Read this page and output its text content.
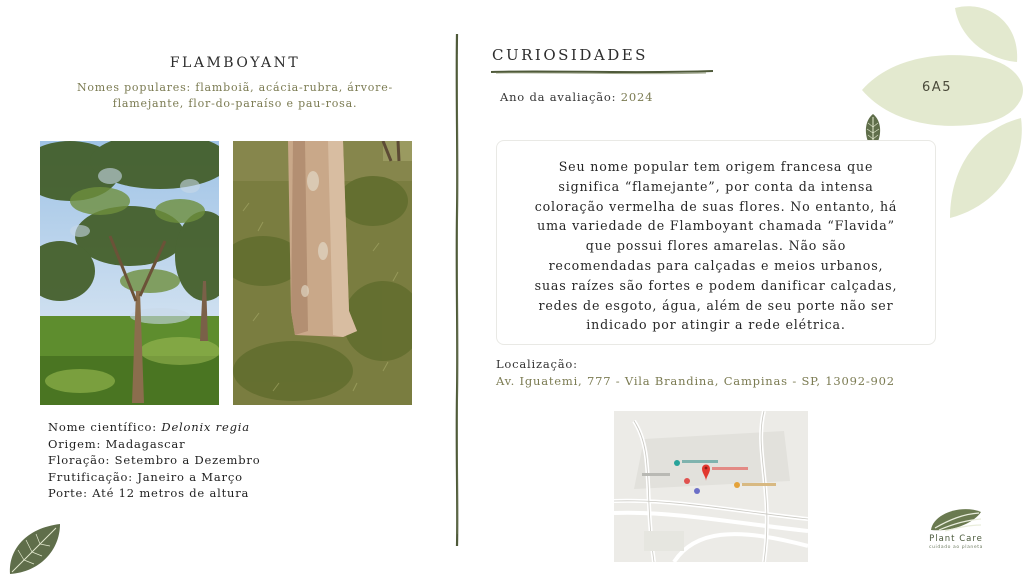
FLAMBOYANT
Nomes populares: flamboiã, acácia-rubra, árvore-
flamejante, flor-do-paraíso e pau-rosa.
Nome científico: Delonix regia
Origem: Madagascar
Floração: Setembro a Dezembro
Frutificação: Janeiro a Março
Porte: Até 12 metros de altura
CURIOSIDADES
Ano da avaliação: 2024
6A5
Seu nome popular tem origem francesa que
significa “flamejante”, por conta da intensa
coloração vermelha de suas flores. No entanto, há
uma variedade de Flamboyant chamada “Flavida”
que possui flores amarelas. Não são
recomendadas para calçadas e meios urbanos,
suas raízes são fortes e podem danificar calçadas,
redes de esgoto, água, além de seu porte não ser
indicado por atingir a rede elétrica.
Localização:
Av. Iguatemi, 777 - Vila Brandina, Campinas - SP, 13092-902
Plant Care
cuidado ao planeta
